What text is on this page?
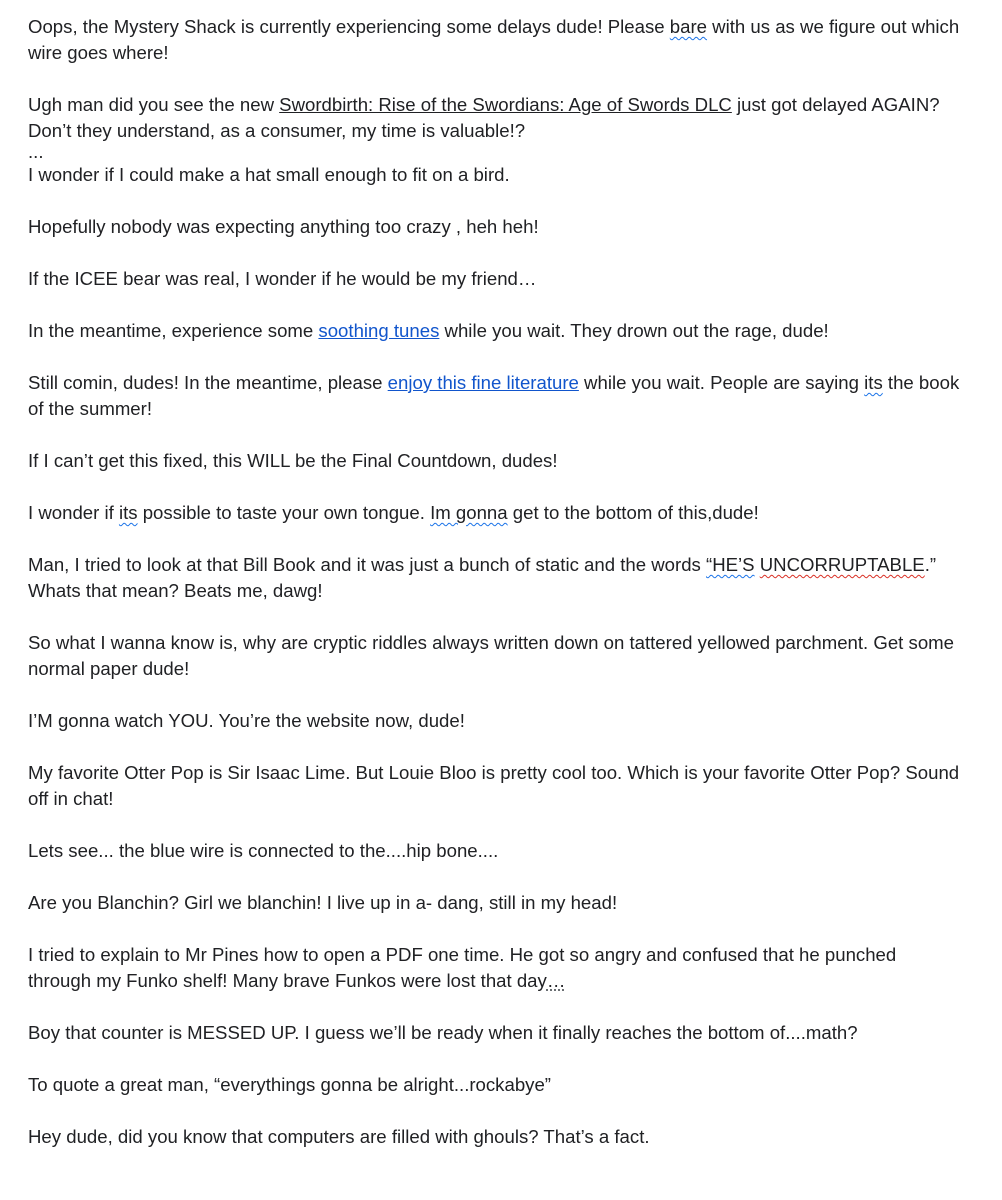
Oops, the Mystery Shack is currently experiencing some delays dude! Please bare with us as we figure out which wire goes where!

Ugh man did you see the new Swordbirth: Rise of the Swordians: Age of Swords DLC just got delayed AGAIN? Don’t they understand, as a consumer, my time is valuable!?

...

I wonder if I could make a hat small enough to fit on a bird.

Hopefully nobody was expecting anything too crazy , heh heh!

If the ICEE bear was real, I wonder if he would be my friend…

In the meantime, experience some soothing tunes while you wait. They drown out the rage, dude!

Still comin, dudes! In the meantime, please enjoy this fine literature while you wait. People are saying its the book of the summer!

If I can’t get this fixed, this WILL be the Final Countdown, dudes!

I wonder if its possible to taste your own tongue. Im gonna get to the bottom of this,dude!

Man, I tried to look at that Bill Book and it was just a bunch of static and the words “HE’S UNCORRUPTABLE.” Whats that mean? Beats me, dawg!

So what I wanna know is, why are cryptic riddles always written down on tattered yellowed parchment. Get some normal paper dude!

I’M gonna watch YOU. You’re the website now, dude!

My favorite Otter Pop is Sir Isaac Lime. But Louie Bloo is pretty cool too. Which is your favorite Otter Pop? Sound off in chat!

Lets see... the blue wire is connected to the....hip bone....

Are you Blanchin? Girl we blanchin! I live up in a- dang, still in my head!

I tried to explain to Mr Pines how to open a PDF one time. He got so angry and confused that he punched through my Funko shelf! Many brave Funkos were lost that day…

Boy that counter is MESSED UP. I guess we’ll be ready when it finally reaches the bottom of....math?

To quote a great man, “everythings gonna be alright...rockabye”

Hey dude, did you know that computers are filled with ghouls? That’s a fact.
